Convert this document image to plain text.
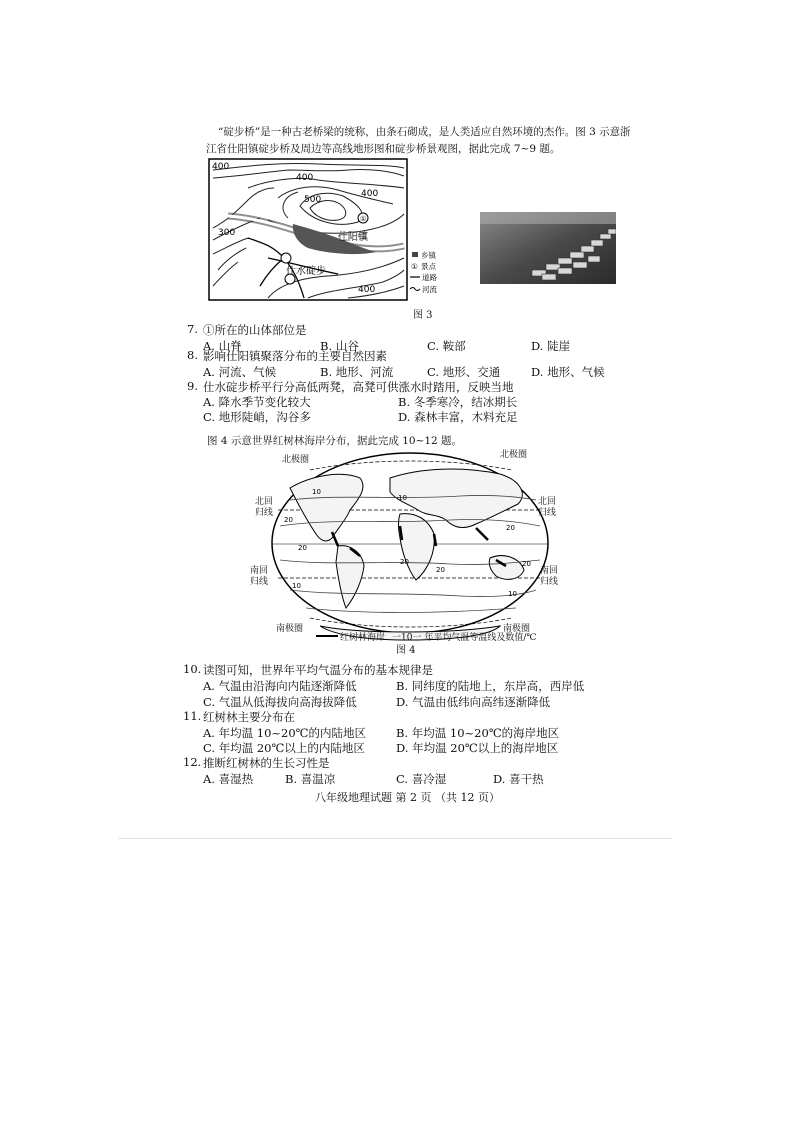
“碇步桥”是一种古老桥梁的统称，由条石砌成，是人类适应自然环境的杰作。图 3 示意浙
江省仕阳镇碇步桥及周边等高线地形图和碇步桥景观图，据此完成 7~9 题。
①
400
400
500
300
400
400
仕阳镇
仕水碇步
乡镇
① 景点
道路
河流
图 3
7. ①所在的山体部位是
A. 山脊	B. 山谷	C. 鞍部	D. 陡崖
8. 影响仕阳镇聚落分布的主要自然因素
A. 河流、气候	B. 地形、河流	C. 地形、交通	D. 地形、气候
9. 仕水碇步桥平行分高低两凳，高凳可供涨水时踏用，反映当地
A. 降水季节变化较大	B. 冬季寒冷，结冰期长
C. 地形陡峭，沟谷多	D. 森林丰富，木料充足
图 4 示意世界红树林海岸分布，据此完成 10~12 题。
10
20
20
20
20
20
20
10
10
10
北极圈	北极圈
北回
归线
北回
归线
南回
归线
南回
归线
南极圈	南极圈
红树林海岸 一10一 年平均气温等温线及数值/℃
图 4
10. 读图可知，世界年平均气温分布的基本规律是
A. 气温由沿海向内陆逐渐降低	B. 同纬度的陆地上，东岸高，西岸低
C. 气温从低海拔向高海拔降低	D. 气温由低纬向高纬逐渐降低
11. 红树林主要分布在
A. 年均温 10~20℃的内陆地区	B. 年均温 10~20℃的海岸地区
C. 年均温 20℃以上的内陆地区	D. 年均温 20℃以上的海岸地区
12. 推断红树林的生长习性是
A. 喜湿热	B. 喜温凉	C. 喜冷湿	D. 喜干热
八年级地理试题 第 2 页 （共 12 页）
